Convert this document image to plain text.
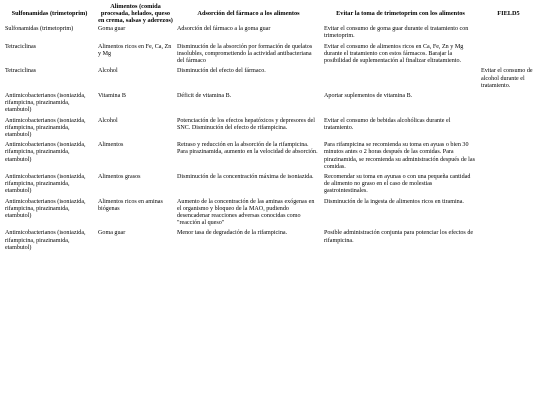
Sulfonamidas (trimetoprim)	Alimentos (comida procesada, helados, queso en crema, salsas y aderezos)	Adsorción del fármaco a los alimentos	Evitar la toma de trimetoprim con los alimentos	FIELD5
Sulfonamidas (trimetoprim)	Goma guar	Adsorción del fármaco a la goma guar	Evitar el consumo de goma guar durante el tratamiento con trimetoprim.	
Tetraciclinas	Alimentos ricos en Fe, Ca, Zn y Mg	Disminución de la absorción por formación de quelatos insolubles, comprometiendo la actividad antibacteriana del fármaco	Evitar el consumo de alimentos ricos en Ca, Fe, Zn y Mg durante el tratamiento con estos fármacos. Barajar la posibilidad de suplementación al finalizar eltratamiento.	
Tetraciclinas	Alcohol	Disminución del efecto del fármaco.		Evitar el consumo de alcohol durante el tratamiento.
Antimicobacterianos (isoniazida, rifampicina, pirazinamida, etambutol)	Vitamina B	Déficit de vitamina B.	Aportar suplementos de vitamina B.	
Antimicobacterianos (isoniazida, rifampicina, pirazinamida, etambutol)	Alcohol	Potenciación de los efectos hepatóxicos y depresores del SNC. Disminución del efecto de rifampicina.	Evitar el consumo de bebidas alcohólicas durante el tratamiento.	
Antimicobacterianos (isoniazida, rifampicina, pirazinamida, etambutol)	Alimentos	Retraso y reducción en la absorción de la rifampicina. Para pirazinamida, aumento en la velocidad de absorción.	Para rifampicina se recomienda su toma en ayuas o bien 30 minutos antes o 2 horas después de las comidas. Para pirazinamida, se recomienda su administración después de las comidas.	
Antimicobacterianos (isoniazida, rifampicina, pirazinamida, etambutol)	Alimentos grasos	Disminución de la concentración máxima de isoniazida.	Recomendar su toma en ayunas o con una pequeña cantidad de alimento no graso en el caso de molestias gastrointestinales.	
Antimicobacterianos (isoniazida, rifampicina, pirazinamida, etambutol)	Alimentos ricos en aminas biógenas	Aumento de la concentración de las aminas exógenas en el organismo y bloqueo de la MAO, pudiendo desencadenar reacciones adversas conocidas como "reacción al queso"	Disminución de la ingesta de alimentos ricos en tiramina.	
Antimicobacterianos (isoniazida, rifampicina, pirazinamida, etambutol)	Goma guar	Menor tasa de degradación de la rifampicina.	Posible administración conjunta para potenciar los efectos de rifampicina.	
